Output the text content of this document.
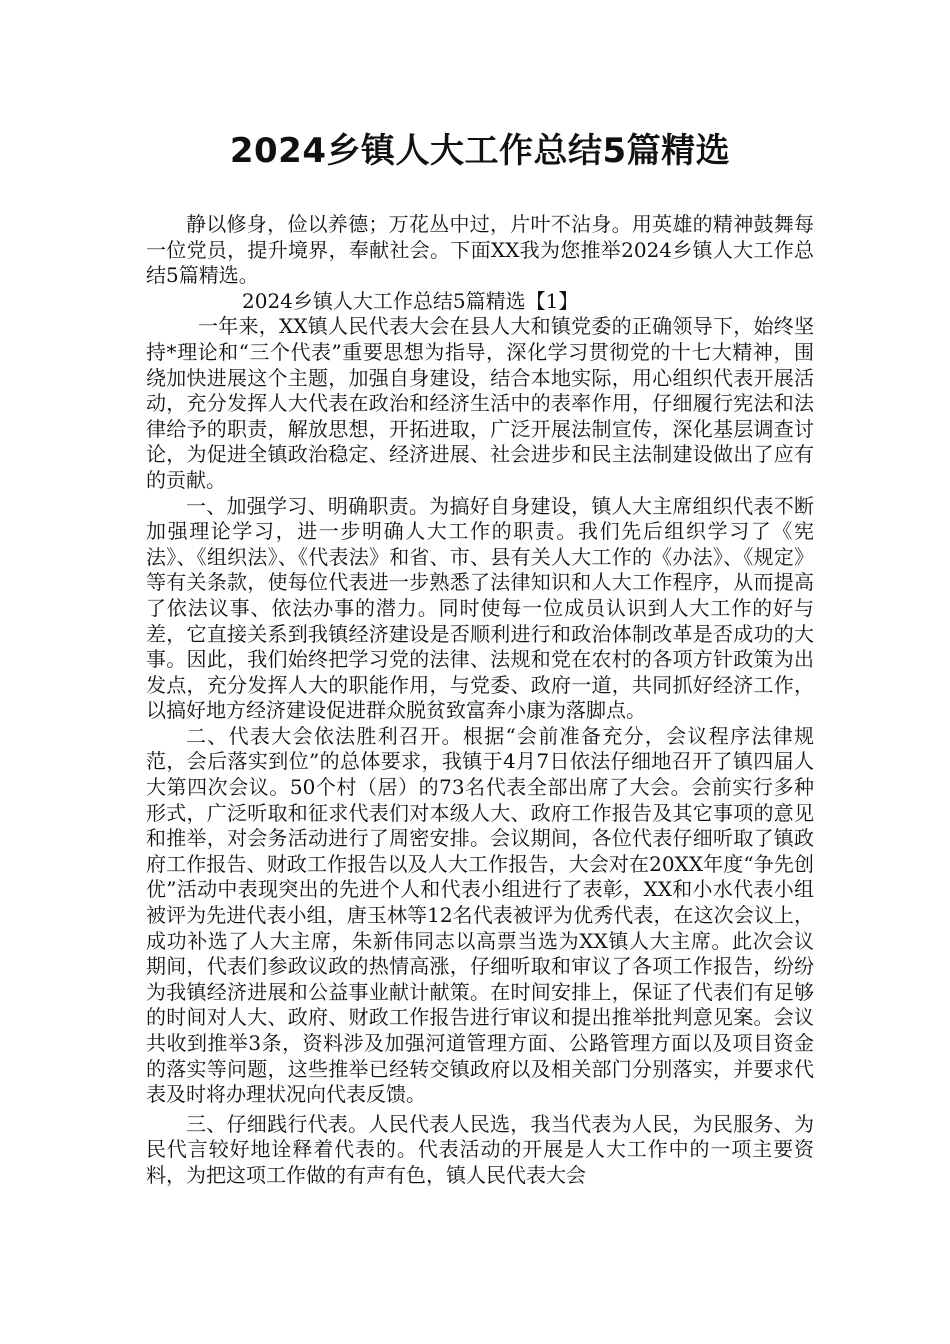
2024乡镇人大工作总结5篇精选

静以修身，俭以养德；万花丛中过，片叶不沾身。用英雄的精神鼓舞每一位党员，提升境界，奉献社会。下面XX我为您推举2024乡镇人大工作总结5篇精选。

2024乡镇人大工作总结5篇精选【1】

一年来，XX镇人民代表大会在县人大和镇党委的正确领导下，始终坚持*理论和“三个代表”重要思想为指导，深化学习贯彻党的十七大精神，围绕加快进展这个主题，加强自身建设，结合本地实际，用心组织代表开展活动，充分发挥人大代表在政治和经济生活中的表率作用，仔细履行宪法和法律给予的职责，解放思想，开拓进取，广泛开展法制宣传，深化基层调查讨论，为促进全镇政治稳定、经济进展、社会进步和民主法制建设做出了应有的贡献。

一、加强学习、明确职责。为搞好自身建设，镇人大主席组织代表不断加强理论学习，进一步明确人大工作的职责。我们先后组织学习了《宪法》、《组织法》、《代表法》和省、市、县有关人大工作的《办法》、《规定》等有关条款，使每位代表进一步熟悉了法律知识和人大工作程序，从而提高了依法议事、依法办事的潜力。同时使每一位成员认识到人大工作的好与差，它直接关系到我镇经济建设是否顺利进行和政治体制改革是否成功的大事。因此，我们始终把学习党的法律、法规和党在农村的各项方针政策为出发点，充分发挥人大的职能作用，与党委、政府一道，共同抓好经济工作，以搞好地方经济建设促进群众脱贫致富奔小康为落脚点。

二、代表大会依法胜利召开。根据“会前准备充分，会议程序法律规范，会后落实到位”的总体要求，我镇于4月7日依法仔细地召开了镇四届人大第四次会议。50个村（居）的73名代表全部出席了大会。会前实行多种形式，广泛听取和征求代表们对本级人大、政府工作报告及其它事项的意见和推举，对会务活动进行了周密安排。会议期间，各位代表仔细听取了镇政府工作报告、财政工作报告以及人大工作报告，大会对在20XX年度“争先创优”活动中表现突出的先进个人和代表小组进行了表彰，XX和小水代表小组被评为先进代表小组，唐玉林等12名代表被评为优秀代表，在这次会议上，成功补选了人大主席，朱新伟同志以高票当选为XX镇人大主席。此次会议期间，代表们参政议政的热情高涨，仔细听取和审议了各项工作报告，纷纷为我镇经济进展和公益事业献计献策。在时间安排上，保证了代表们有足够的时间对人大、政府、财政工作报告进行审议和提出推举批判意见案。会议共收到推举3条，资料涉及加强河道管理方面、公路管理方面以及项目资金的落实等问题，这些推举已经转交镇政府以及相关部门分别落实，并要求代表及时将办理状况向代表反馈。

三、仔细践行代表。人民代表人民选，我当代表为人民，为民服务、为民代言较好地诠释着代表的。代表活动的开展是人大工作中的一项主要资料，为把这项工作做的有声有色，镇人民代表大会
